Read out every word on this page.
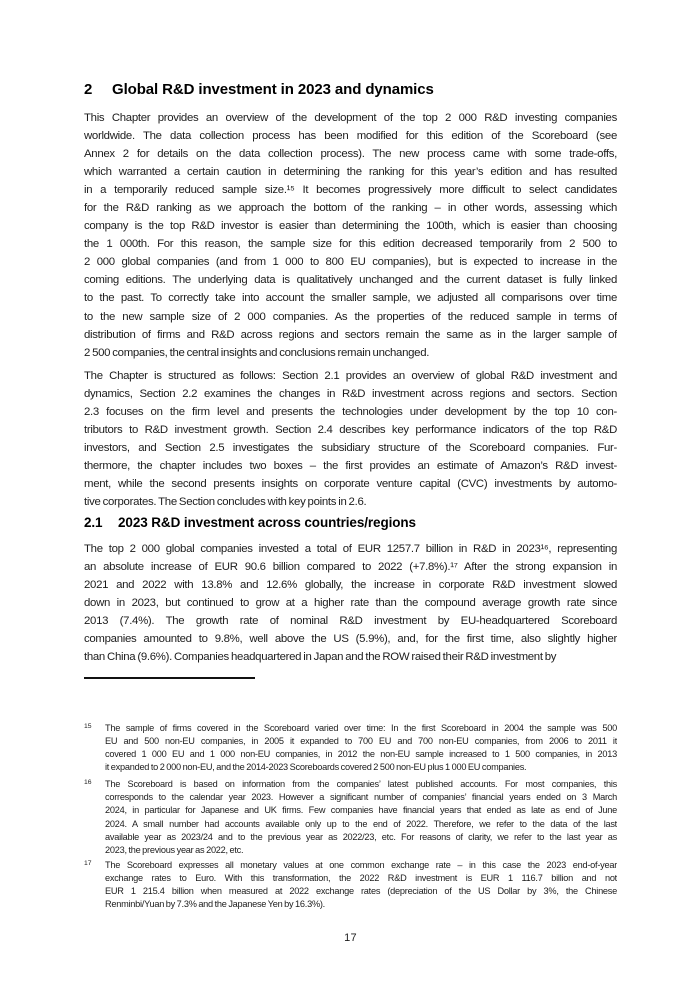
2	Global R&D investment in 2023 and dynamics
This Chapter provides an overview of the development of the top 2 000 R&D investing companies
worldwide. The data collection process has been modified for this edition of the Scoreboard (see
Annex 2 for details on the data collection process). The new process came with some trade-offs,
which warranted a certain caution in determining the ranking for this year’s edition and has resulted
in a temporarily reduced sample size.¹⁵ It becomes progressively more difficult to select candidates
for the R&D ranking as we approach the bottom of the ranking – in other words, assessing which
company is the top R&D investor is easier than determining the 100th, which is easier than choosing
the 1 000th. For this reason, the sample size for this edition decreased temporarily from 2 500 to
2 000 global companies (and from 1 000 to 800 EU companies), but is expected to increase in the
coming editions. The underlying data is qualitatively unchanged and the current dataset is fully linked
to the past. To correctly take into account the smaller sample, we adjusted all comparisons over time
to the new sample size of 2 000 companies. As the properties of the reduced sample in terms of
distribution of firms and R&D across regions and sectors remain the same as in the larger sample of
2 500 companies, the central insights and conclusions remain unchanged.
The Chapter is structured as follows: Section 2.1 provides an overview of global R&D investment and
dynamics, Section 2.2 examines the changes in R&D investment across regions and sectors. Section
2.3 focuses on the firm level and presents the technologies under development by the top 10 con-
tributors to R&D investment growth. Section 2.4 describes key performance indicators of the top R&D
investors, and Section 2.5 investigates the subsidiary structure of the Scoreboard companies. Fur-
thermore, the chapter includes two boxes – the first provides an estimate of Amazon’s R&D invest-
ment, while the second presents insights on corporate venture capital (CVC) investments by automo-
tive corporates. The Section concludes with key points in 2.6.
2.1	2023 R&D investment across countries/regions
The top 2 000 global companies invested a total of EUR 1257.7 billion in R&D in 2023¹⁶, representing
an absolute increase of EUR 90.6 billion compared to 2022 (+7.8%).¹⁷ After the strong expansion in
2021 and 2022 with 13.8% and 12.6% globally, the increase in corporate R&D investment slowed
down in 2023, but continued to grow at a higher rate than the compound average growth rate since
2013 (7.4%). The growth rate of nominal R&D investment by EU-headquartered Scoreboard
companies amounted to 9.8%, well above the US (5.9%), and, for the first time, also slightly higher
than China (9.6%). Companies headquartered in Japan and the ROW raised their R&D investment by
15	The sample of firms covered in the Scoreboard varied over time: In the first Scoreboard in 2004 the sample was 500
EU and 500 non-EU companies, in 2005 it expanded to 700 EU and 700 non-EU companies, from 2006 to 2011 it
covered 1 000 EU and 1 000 non-EU companies, in 2012 the non-EU sample increased to 1 500 companies, in 2013
it expanded to 2 000 non-EU, and the 2014-2023 Scoreboards covered 2 500 non-EU plus 1 000 EU companies.
16	The Scoreboard is based on information from the companies’ latest published accounts. For most companies, this
corresponds to the calendar year 2023. However a significant number of companies’ financial years ended on 3 March
2024, in particular for Japanese and UK firms. Few companies have financial years that ended as late as end of June
2024. A small number had accounts available only up to the end of 2022. Therefore, we refer to the data of the last
available year as 2023/24 and to the previous year as 2022/23, etc. For reasons of clarity, we refer to the last year as
2023, the previous year as 2022, etc.
17	The Scoreboard expresses all monetary values at one common exchange rate – in this case the 2023 end-of-year
exchange rates to Euro. With this transformation, the 2022 R&D investment is EUR 1 116.7 billion and not
EUR 1 215.4 billion when measured at 2022 exchange rates (depreciation of the US Dollar by 3%, the Chinese
Renminbi/Yuan by 7.3% and the Japanese Yen by 16.3%).
17
